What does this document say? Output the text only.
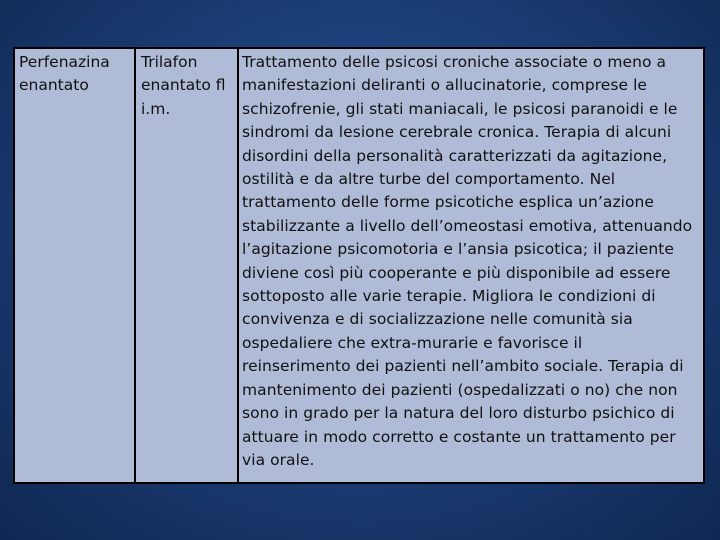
Perfenazina
enantato
Trilafon
enantato fl
i.m.
Trattamento delle psicosi croniche associate o meno a
manifestazioni deliranti o allucinatorie, comprese le
schizofrenie, gli stati maniacali, le psicosi paranoidi e le
sindromi da lesione cerebrale cronica. Terapia di alcuni
disordini della personalità caratterizzati da agitazione,
ostilità e da altre turbe del comportamento. Nel
trattamento delle forme psicotiche esplica un’azione
stabilizzante a livello dell’omeostasi emotiva, attenuando
l’agitazione psicomotoria e l’ansia psicotica; il paziente
diviene così più cooperante e più disponibile ad essere
sottoposto alle varie terapie. Migliora le condizioni di
convivenza e di socializzazione nelle comunità sia
ospedaliere che extra-murarie e favorisce il
reinserimento dei pazienti nell’ambito sociale. Terapia di
mantenimento dei pazienti (ospedalizzati o no) che non
sono in grado per la natura del loro disturbo psichico di
attuare in modo corretto e costante un trattamento per
via orale.
